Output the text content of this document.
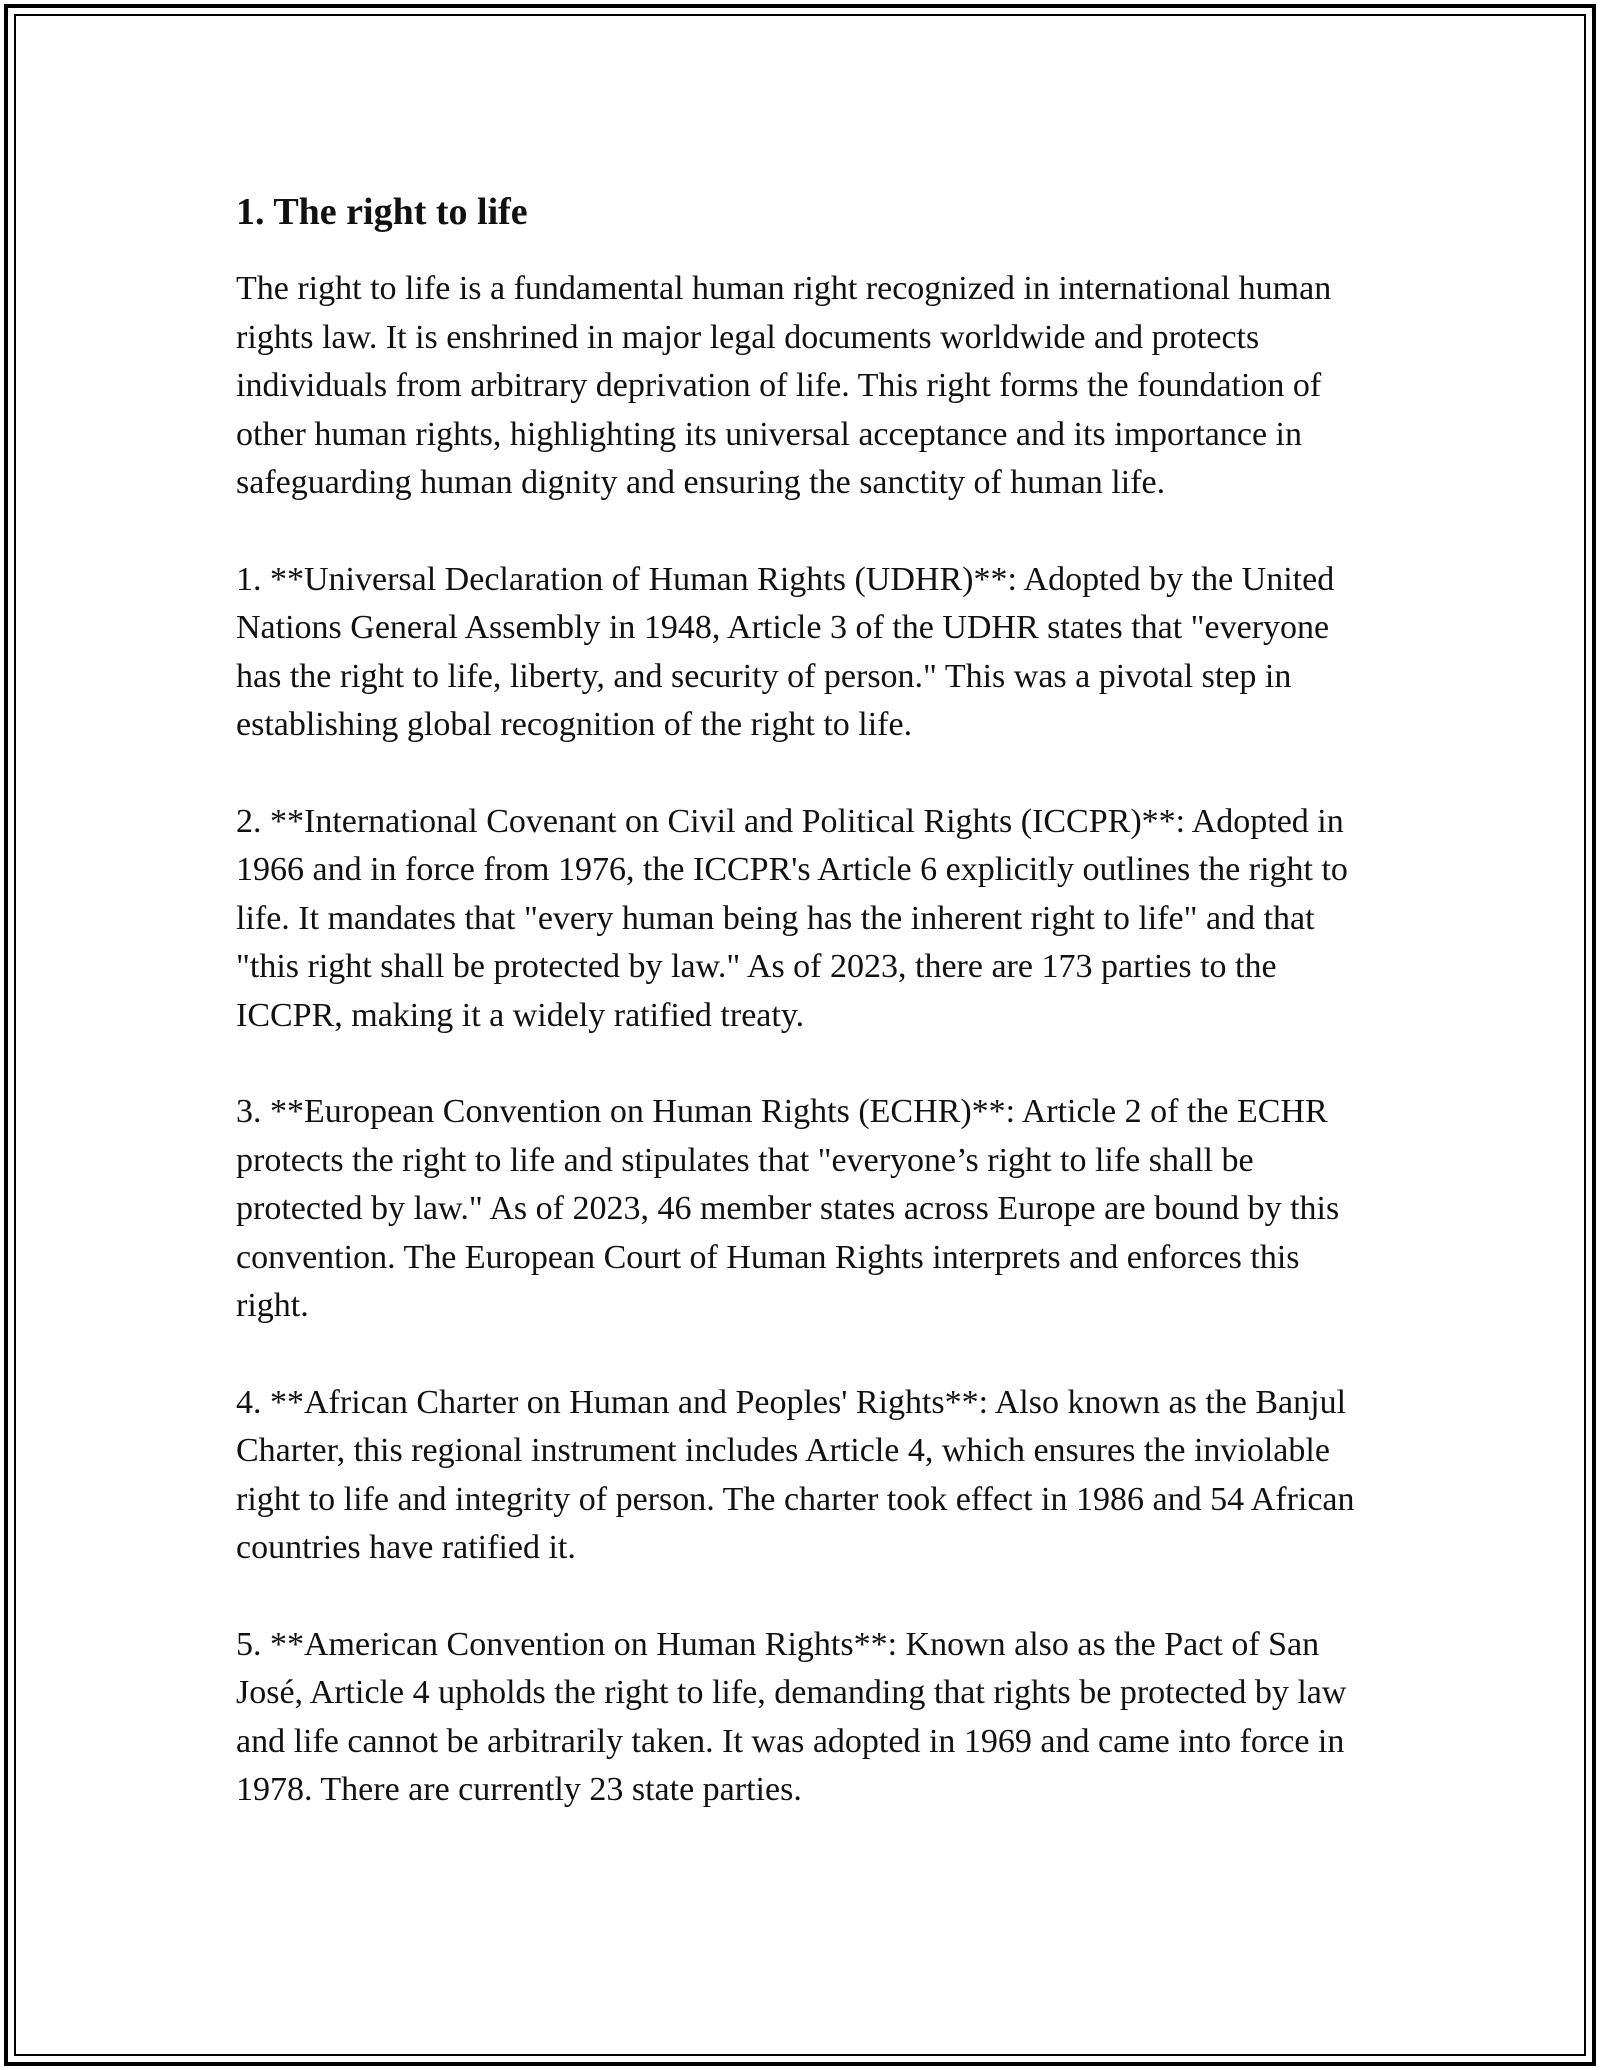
1. The right to life

The right to life is a fundamental human right recognized in international human rights law. It is enshrined in major legal documents worldwide and protects individuals from arbitrary deprivation of life. This right forms the foundation of other human rights, highlighting its universal acceptance and its importance in safeguarding human dignity and ensuring the sanctity of human life.

1. **Universal Declaration of Human Rights (UDHR)**: Adopted by the United Nations General Assembly in 1948, Article 3 of the UDHR states that "everyone has the right to life, liberty, and security of person." This was a pivotal step in establishing global recognition of the right to life.

2. **International Covenant on Civil and Political Rights (ICCPR)**: Adopted in 1966 and in force from 1976, the ICCPR's Article 6 explicitly outlines the right to life. It mandates that "every human being has the inherent right to life" and that "this right shall be protected by law." As of 2023, there are 173 parties to the ICCPR, making it a widely ratified treaty.

3. **European Convention on Human Rights (ECHR)**: Article 2 of the ECHR protects the right to life and stipulates that "everyone’s right to life shall be protected by law." As of 2023, 46 member states across Europe are bound by this convention. The European Court of Human Rights interprets and enforces this right.

4. **African Charter on Human and Peoples' Rights**: Also known as the Banjul Charter, this regional instrument includes Article 4, which ensures the inviolable right to life and integrity of person. The charter took effect in 1986 and 54 African countries have ratified it.

5. **American Convention on Human Rights**: Known also as the Pact of San José, Article 4 upholds the right to life, demanding that rights be protected by law and life cannot be arbitrarily taken. It was adopted in 1969 and came into force in 1978. There are currently 23 state parties.
